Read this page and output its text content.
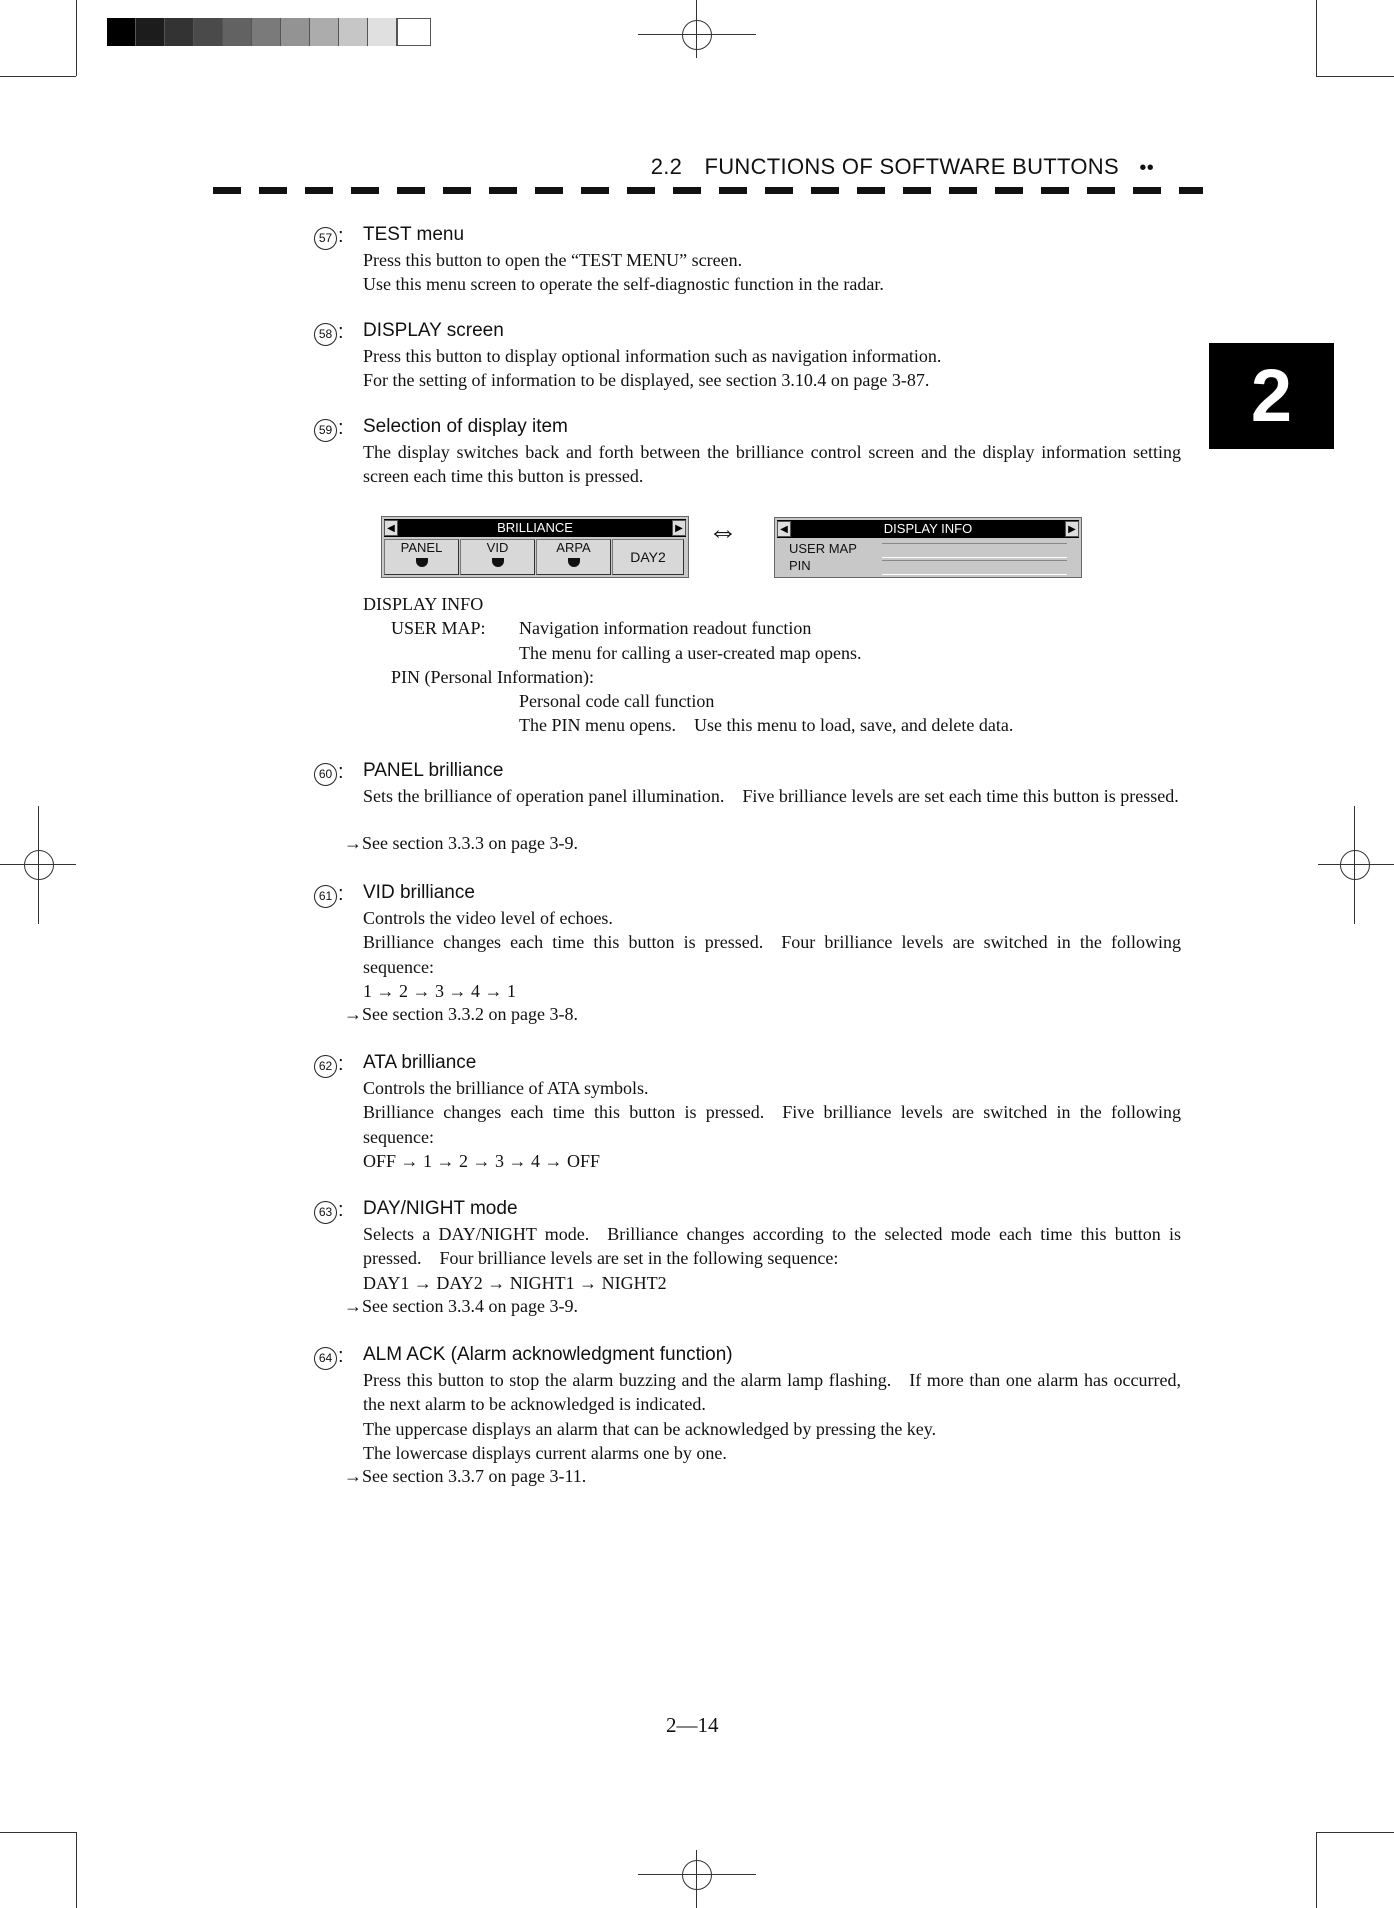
2.2 FUNCTIONS OF SOFTWARE BUTTONS ••
2
57 : TEST menu

Press this button to open the “TEST MENU” screen.

Use this menu screen to operate the self-diagnostic function in the radar.

58 : DISPLAY screen

Press this button to display optional information such as navigation information.

For the setting of information to be displayed, see section 3.10.4 on page 3-87.

59 : Selection of display item

The display switches back and forth between the brilliance control screen and the display information setting screen each time this button is pressed.

◀	BRILLIANCE	▶
PANEL	VID	ARPA
DAY2
⇔	◀	DISPLAY INFO	▶
USER MAP
PIN
DISPLAY INFO
USER MAP: Navigation information readout function
The menu for calling a user-created map opens.
PIN (Personal Information):
Personal code call function
The PIN menu opens. Use this menu to load, save, and delete data.
60 : PANEL brilliance

Sets the brilliance of operation panel illumination. Five brilliance levels are set each time this button is pressed.

→See section 3.3.3 on page 3-9.
61 : VID brilliance

Controls the video level of echoes.

Brilliance changes each time this button is pressed. Four brilliance levels are switched in the following sequence:

1 → 2 → 3 → 4 → 1

→See section 3.3.2 on page 3-8.
62 : ATA brilliance

Controls the brilliance of ATA symbols.

Brilliance changes each time this button is pressed. Five brilliance levels are switched in the following sequence:

OFF → 1 → 2 → 3 → 4 → OFF

63 : DAY/NIGHT mode

Selects a DAY/NIGHT mode. Brilliance changes according to the selected mode each time this button is pressed. Four brilliance levels are set in the following sequence:

DAY1 → DAY2 → NIGHT1 → NIGHT2

→See section 3.3.4 on page 3-9.
64 : ALM ACK (Alarm acknowledgment function)

Press this button to stop the alarm buzzing and the alarm lamp flashing. If more than one alarm has occurred, the next alarm to be acknowledged is indicated.

The uppercase displays an alarm that can be acknowledged by pressing the key.

The lowercase displays current alarms one by one.

→See section 3.3.7 on page 3-11.
2—14
